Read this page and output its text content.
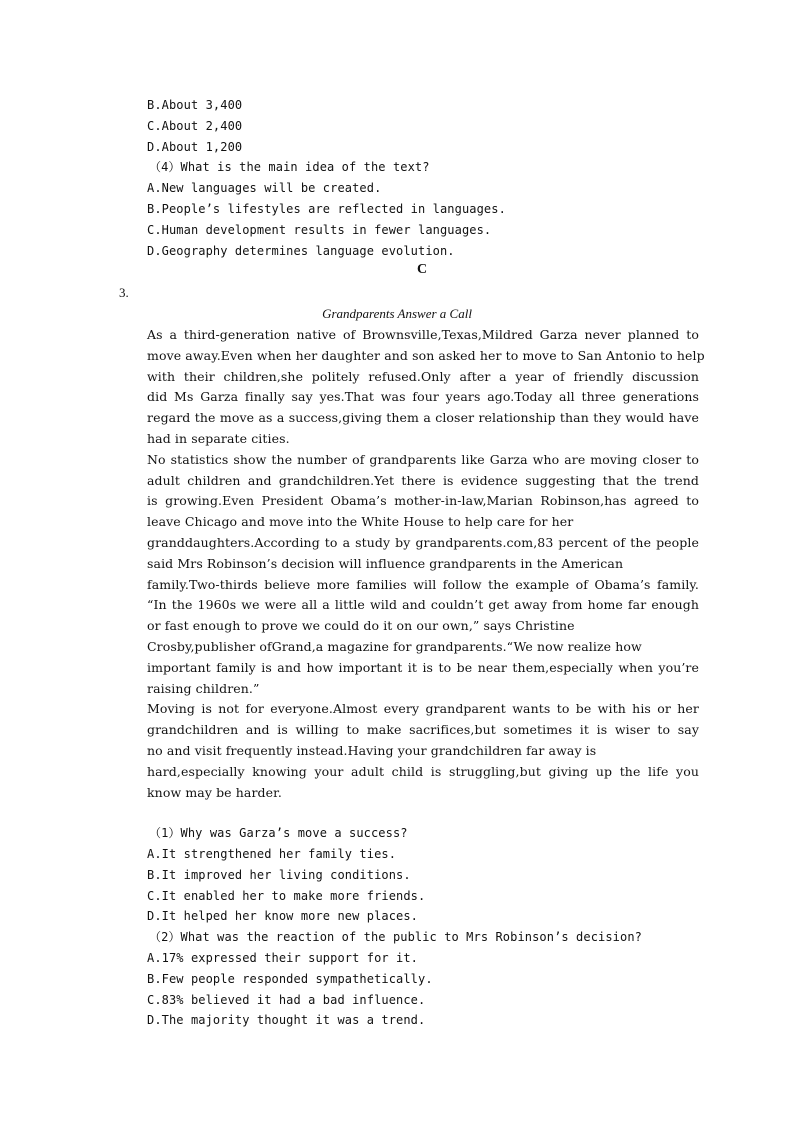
B.About 3,400
C.About 2,400
D.About 1,200
（4）What is the main idea of the text?
A.New languages will be created.
B.People’s lifestyles are reflected in languages.
C.Human development results in fewer languages.
D.Geography determines language evolution.
C
3.
Grandparents Answer a Call
As a third-generation native of Brownsville,Texas,Mildred Garza never planned to
move away.Even when her daughter and son asked her to move to San Antonio to help
with their children,she politely refused.Only after a year of friendly discussion
did Ms Garza finally say yes.That was four years ago.Today all three generations
regard the move as a success,giving them a closer relationship than they would have
had in separate cities.
No statistics show the number of grandparents like Garza who are moving closer to
adult children and grandchildren.Yet there is evidence suggesting that the trend
is growing.Even President Obama’s mother-in-law,Marian Robinson,has agreed to
leave Chicago and move into the White House to help care for her
granddaughters.According to a study by grandparents.com,83 percent of the people
said Mrs Robinson’s decision will influence grandparents in the American
family.Two-thirds believe more families will follow the example of Obama’s family.
“In the 1960s we were all a little wild and couldn’t get away from home far enough
or fast enough to prove we could do it on our own,” says Christine
Crosby,publisher ofGrand,a magazine for grandparents.“We now realize how
important family is and how important it is to be near them,especially when you’re
raising children.”
Moving is not for everyone.Almost every grandparent wants to be with his or her
grandchildren and is willing to make sacrifices,but sometimes it is wiser to say
no and visit frequently instead.Having your grandchildren far away is
hard,especially knowing your adult child is struggling,but giving up the life you
know may be harder.
（1）Why was Garza’s move a success?
A.It strengthened her family ties.
B.It improved her living conditions.
C.It enabled her to make more friends.
D.It helped her know more new places.
（2）What was the reaction of the public to Mrs Robinson’s decision?
A.17% expressed their support for it.
B.Few people responded sympathetically.
C.83% believed it had a bad influence.
D.The majority thought it was a trend.
